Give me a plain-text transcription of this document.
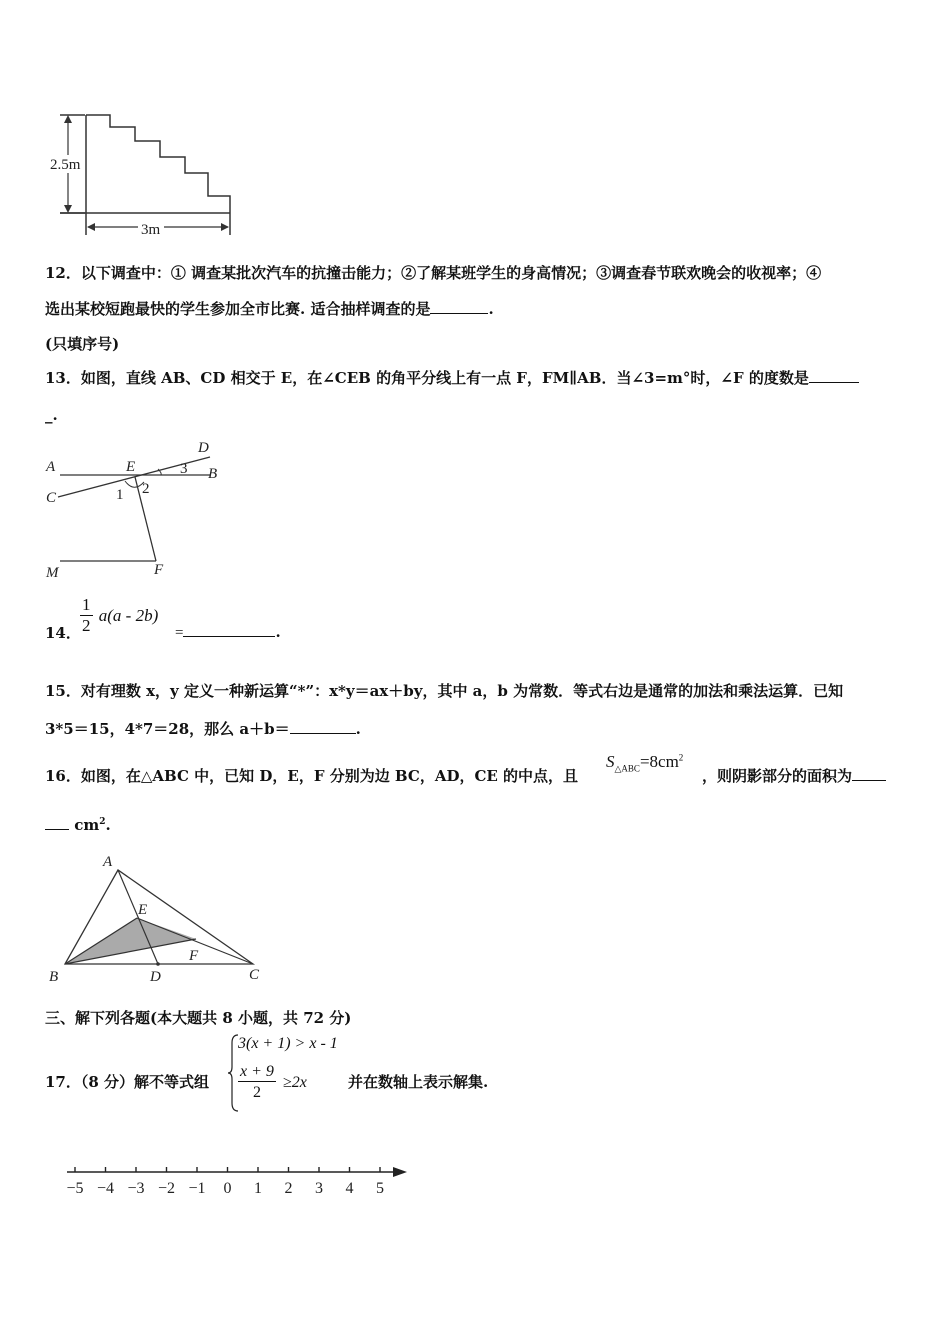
2.5m
3m
12．以下调查中：① 调查某批次汽车的抗撞击能力；②了解某班学生的身高情况；③调查春节联欢晚会的收视率；④
选出某校短跑最快的学生参加全市比赛. 适合抽样调查的是	.
(只填序号)
13．如图，直线 AB、CD 相交于 E，在∠CEB 的角平分线上有一点 F，FM∥AB．当∠3=m°时，∠F 的度数是
_.
A	E
D
3 B
C	1 2
M	F
14． $\frac{1}{2} a(a - 2b)$
=	.
15．对有理数 x，y 定义一种新运算“*”：x*y＝ax＋by，其中 a，b 为常数．等式右边是通常的加法和乘法运算．已知
3*5＝15，4*7＝28，那么 a＋b＝	.
16．如图，在△ABC 中，已知 D，E，F 分别为边 BC，AD，CE 的中点，且
$S_{\triangle ABC}=8cm^2$
，则阴影部分的面积为
$cm^2$.
A
E
F
B	D	C
三、解下列各题(本大题共 8 小题，共 72 分)
17．（8 分）解不等式组
3(x + 1) > x - 1
$\frac{x + 9}{2} \ge 2x$	并在数轴上表示解集.
−5 −4 −3 −2 −1 0 1 2 3 4 5
